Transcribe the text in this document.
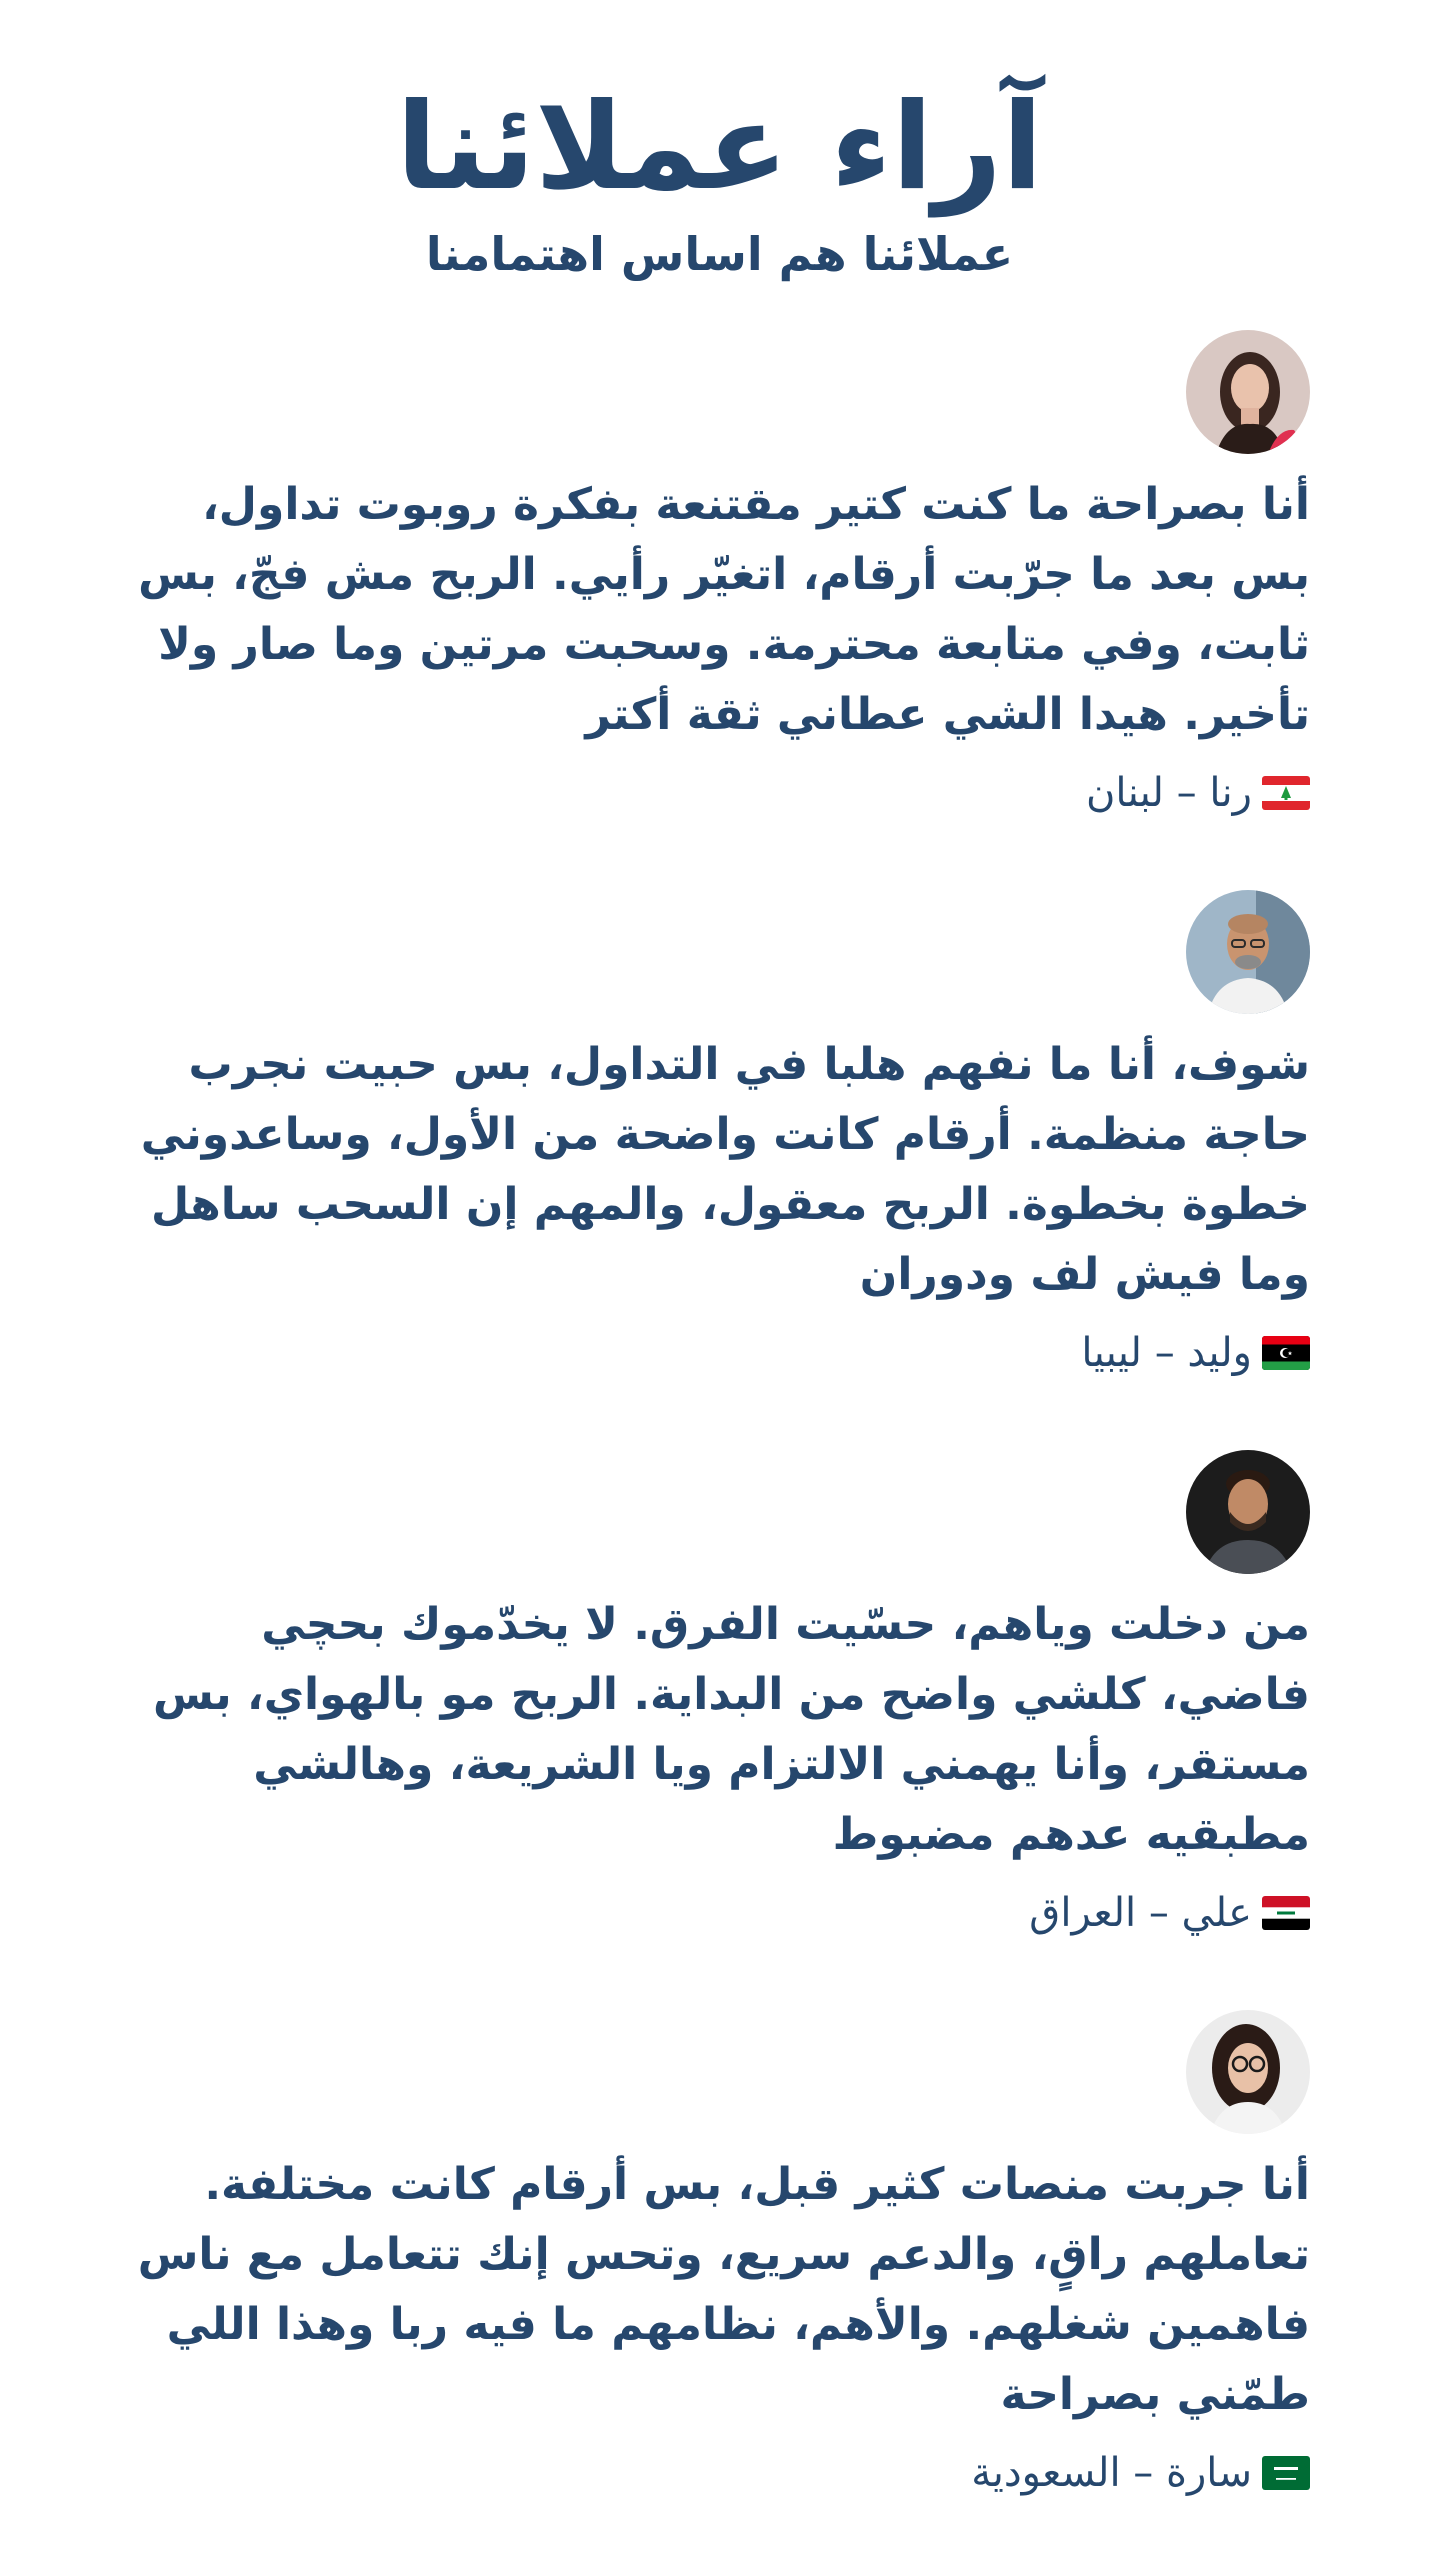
آراء عملائنا
عملائنا هم اساس اهتمامنا

أنا بصراحة ما كنت كتير مقتنعة بفكرة روبوت تداول، بس بعد ما جرّبت أرقام، اتغيّر رأيي. الربح مش فجّ، بس ثابت، وفي متابعة محترمة. وسحبت مرتين وما صار ولا تأخير. هيدا الشي عطاني ثقة أكتر

رنا – لبنان

شوف، أنا ما نفهم هلبا في التداول، بس حبيت نجرب حاجة منظمة. أرقام كانت واضحة من الأول، وساعدوني خطوة بخطوة. الربح معقول، والمهم إن السحب ساهل وما فيش لف ودوران

وليد – ليبيا

من دخلت وياهم، حسّيت الفرق. لا يخدّموك بحچي فاضي، كلشي واضح من البداية. الربح مو بالهواي، بس مستقر، وأنا يهمني الالتزام ويا الشريعة، وهالشي مطبقيه عدهم مضبوط

علي – العراق

أنا جربت منصات كثير قبل، بس أرقام كانت مختلفة. تعاملهم راقٍ، والدعم سريع، وتحس إنك تتعامل مع ناس فاهمين شغلهم. والأهم، نظامهم ما فيه ربا وهذا اللي طمّني بصراحة

سارة – السعودية
